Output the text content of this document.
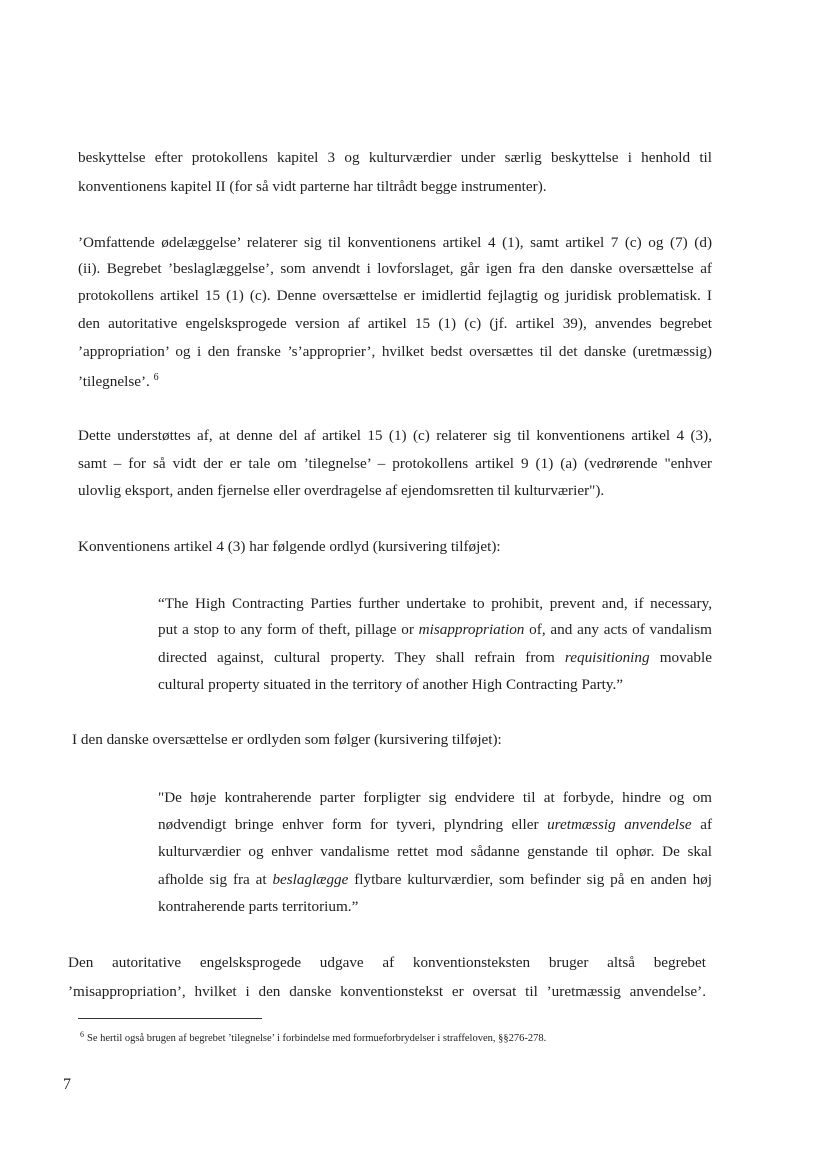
beskyttelse efter protokollens kapitel 3 og kulturværdier under særlig beskyttelse i henhold til
konventionens kapitel II (for så vidt parterne har tiltrådt begge instrumenter).
’Omfattende ødelæggelse’ relaterer sig til konventionens artikel 4 (1), samt artikel 7 (c) og (7) (d)
(ii). Begrebet ’beslaglæggelse’, som anvendt i lovforslaget, går igen fra den danske oversættelse af
protokollens artikel 15 (1) (c). Denne oversættelse er imidlertid fejlagtig og juridisk problematisk. I
den autoritative engelsksprogede version af artikel 15 (1) (c) (jf. artikel 39), anvendes begrebet
’appropriation’ og i den franske ’s’approprier’, hvilket bedst oversættes til det danske (uretmæssig)
’tilegnelse’. $^6$
Dette understøttes af, at denne del af artikel 15 (1) (c) relaterer sig til konventionens artikel 4 (3),
samt – for så vidt der er tale om ’tilegnelse’ – protokollens artikel 9 (1) (a) (vedrørende "enhver
ulovlig eksport, anden fjernelse eller overdragelse af ejendomsretten til kulturværier").
Konventionens artikel 4 (3) har følgende ordlyd (kursivering tilføjet):
“The High Contracting Parties further undertake to prohibit, prevent and, if necessary,
put a stop to any form of theft, pillage or misappropriation of, and any acts of vandalism
directed against, cultural property. They shall refrain from requisitioning movable
cultural property situated in the territory of another High Contracting Party.”
I den danske oversættelse er ordlyden som følger (kursivering tilføjet):
"De høje kontraherende parter forpligter sig endvidere til at forbyde, hindre og om
nødvendigt bringe enhver form for tyveri, plyndring eller uretmæssig anvendelse af
kulturværdier og enhver vandalisme rettet mod sådanne genstande til ophør. De skal
afholde sig fra at beslaglægge flytbare kulturværdier, som befinder sig på en anden høj
kontraherende parts territorium.”
Den autoritative engelsksprogede udgave af konventionsteksten bruger altså begrebet
’misappropriation’, hvilket i den danske konventionstekst er oversat til ’uretmæssig anvendelse’.
$^6$ Se hertil også brugen af begrebet ’tilegnelse’ i forbindelse med formueforbrydelser i straffeloven, §§276-278.
7
